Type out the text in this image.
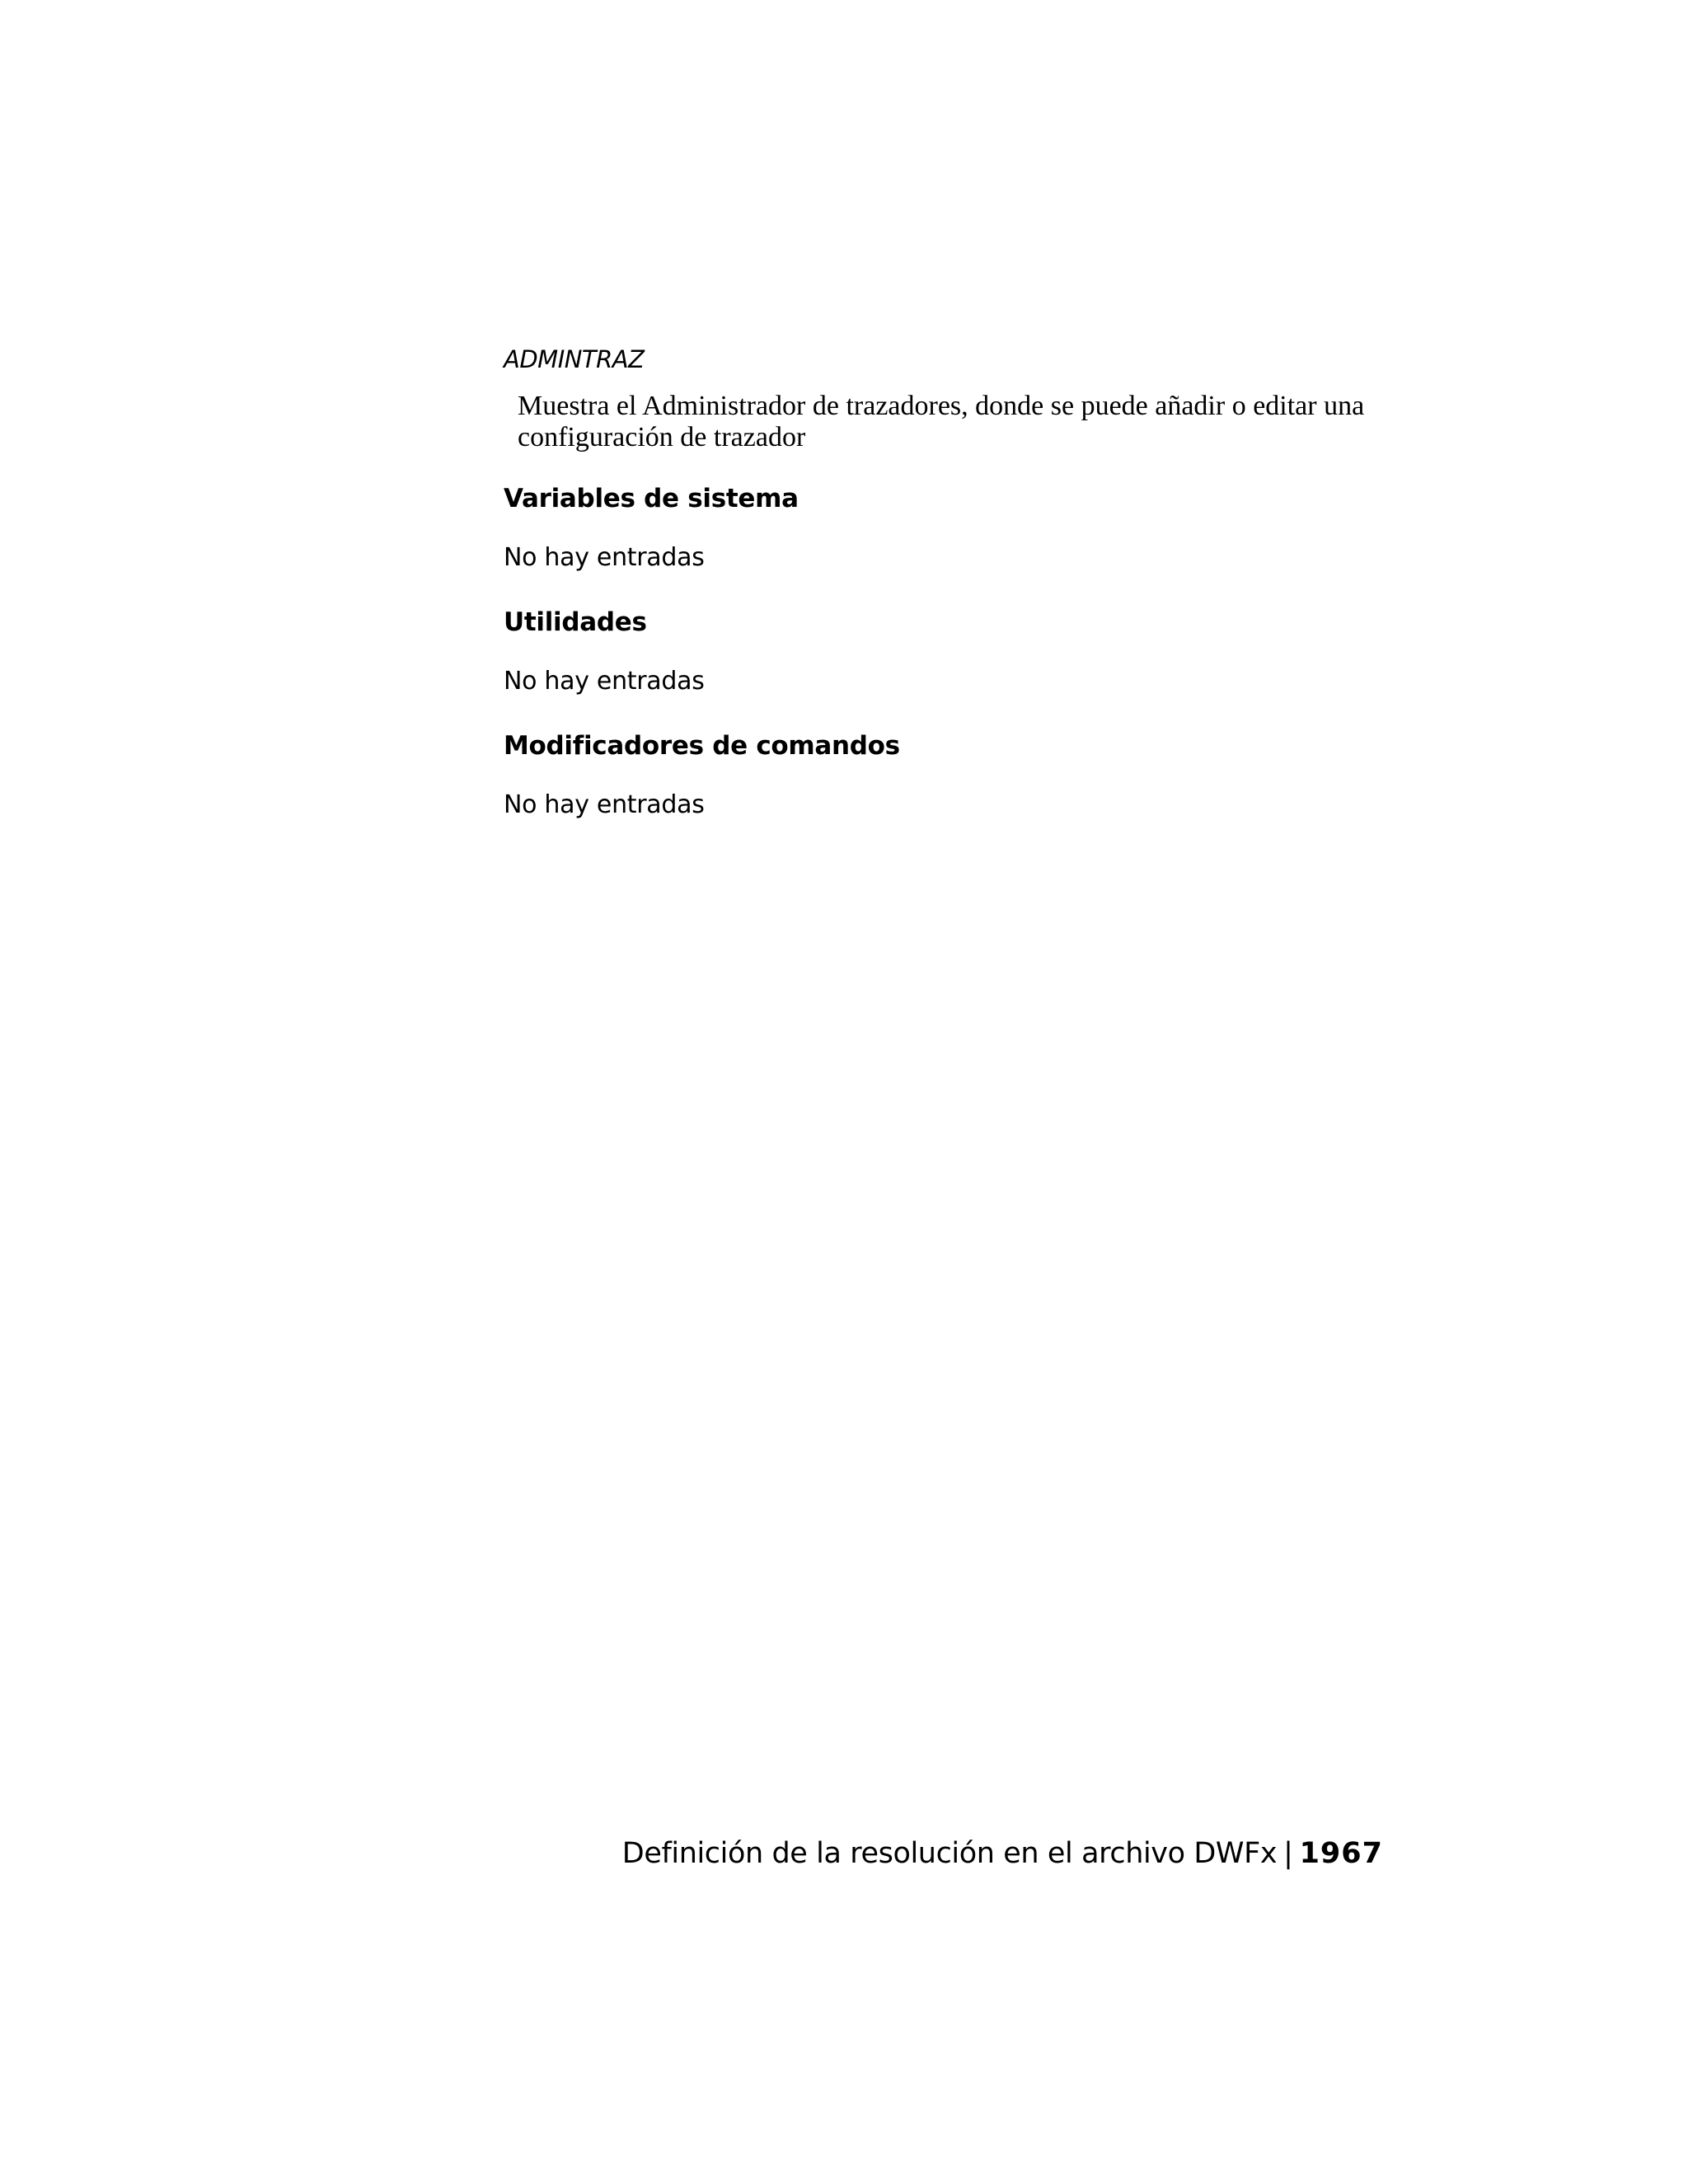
ADMINTRAZ
Muestra el Administrador de trazadores, donde se puede añadir o editar una
configuración de trazador
Variables de sistema
No hay entradas
Utilidades
No hay entradas
Modificadores de comandos
No hay entradas
Definición de la resolución en el archivo DWFx | 1967
